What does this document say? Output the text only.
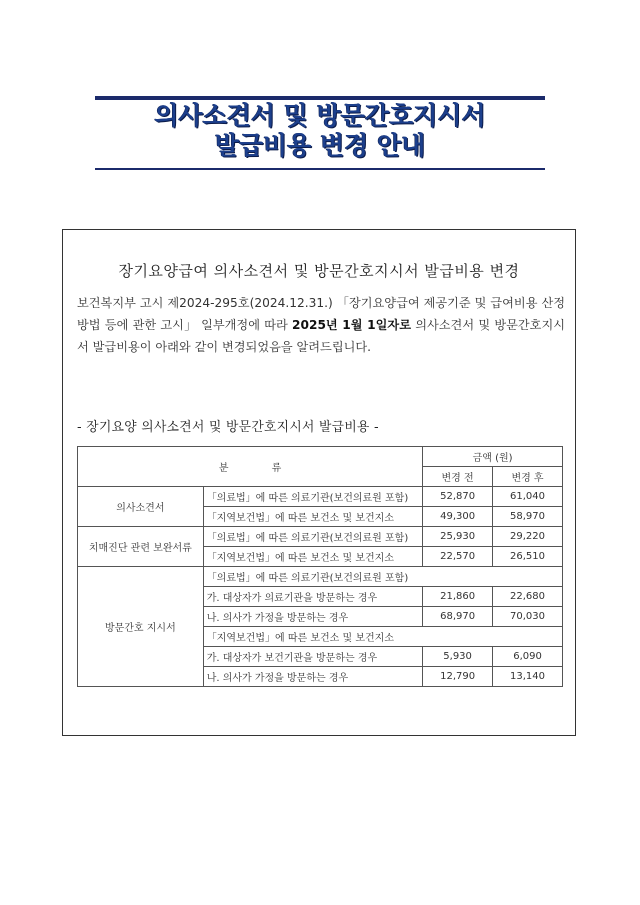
의사소견서 및 방문간호지시서
발급비용 변경 안내
장기요양급여 의사소견서 및 방문간호지시서 발급비용 변경
보건복지부 고시 제2024-295호(2024.12.31.) 「장기요양급여 제공기준 및 급여비용 산정방법 등에 관한 고시」 일부개정에 따라 2025년 1월 1일자로 의사소견서 및 방문간호지시서 발급비용이 아래와 같이 변경되었음을 알려드립니다.
- 장기요양 의사소견서 및 방문간호지시서 발급비용 -
분 류		금액 (원)	
		변경 전	변경 후
의사소견서	「의료법」에 따른 의료기관(보건의료원 포함)	52,870	61,040
	「지역보건법」에 따른 보건소 및 보건지소	49,300	58,970
치매진단 관련 보완서류	「의료법」에 따른 의료기관(보건의료원 포함)	25,930	29,220
	「지역보건법」에 따른 보건소 및 보건지소	22,570	26,510
방문간호 지시서	「의료법」에 따른 의료기관(보건의료원 포함)		
	가. 대상자가 의료기관을 방문하는 경우	21,860	22,680
	나. 의사가 가정을 방문하는 경우	68,970	70,030
	「지역보건법」에 따른 보건소 및 보건지소		
	가. 대상자가 보건기관을 방문하는 경우	5,930	6,090
	나. 의사가 가정을 방문하는 경우	12,790	13,140
